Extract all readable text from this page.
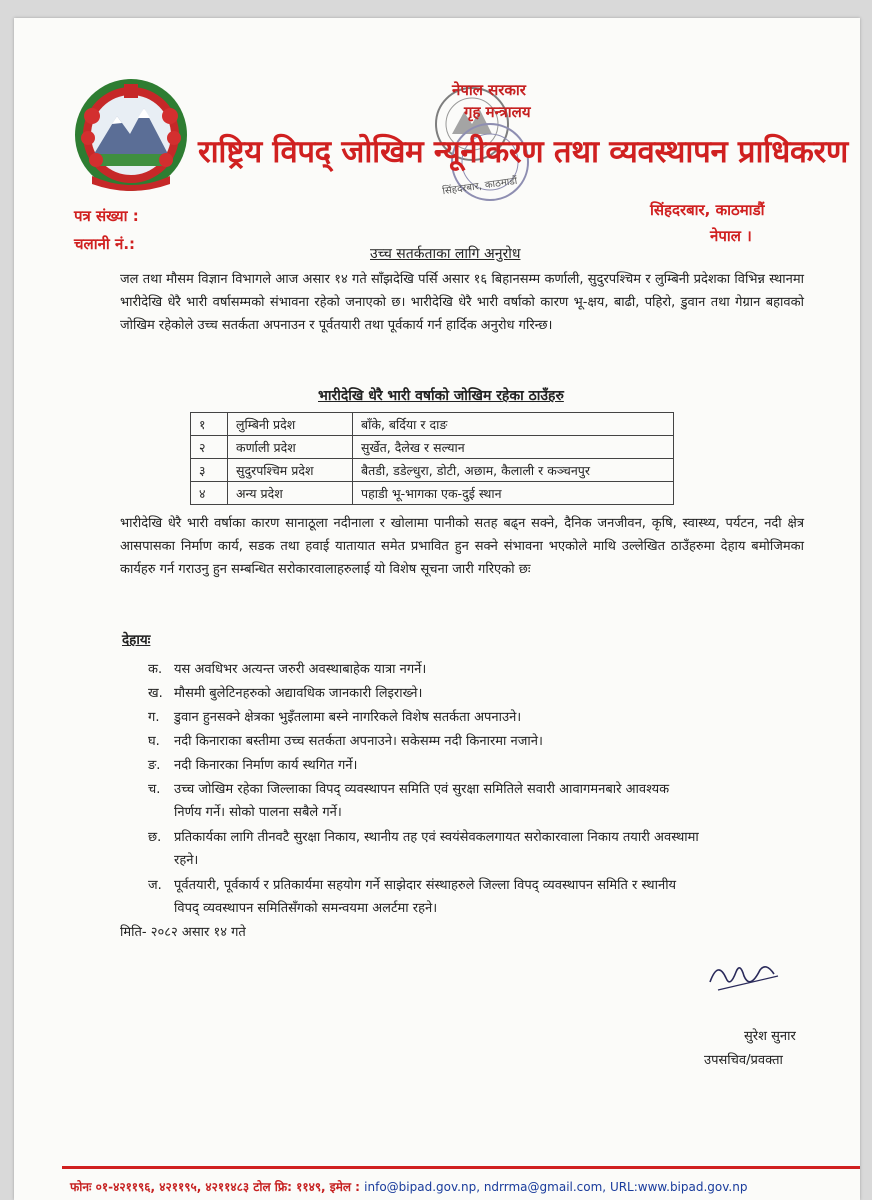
नेपाल सरकार
गृह मन्त्रालय
सिंहदरबार, काठमाडौं
राष्ट्रिय विपद् जोखिम न्यूनीकरण तथा व्यवस्थापन प्राधिकरण
पत्र संख्या :
चलानी नं.:
सिंहदरबार, काठमाडौं
नेपाल ।
उच्च सतर्कताका लागि अनुरोध
जल तथा मौसम विज्ञान विभागले आज असार १४ गते साँझदेखि पर्सि असार १६ बिहानसम्म कर्णाली, सुदुरपश्चिम र लुम्बिनी प्रदेशका विभिन्न स्थानमा भारीदेखि धेरै भारी वर्षासम्मको संभावना रहेको जनाएको छ। भारीदेखि धेरै भारी वर्षाको कारण भू-क्षय, बाढी, पहिरो, डुवान तथा गेग्रान बहावको जोखिम रहेकोले उच्च सतर्कता अपनाउन र पूर्वतयारी तथा पूर्वकार्य गर्न हार्दिक अनुरोध गरिन्छ।
भारीदेखि धेरै भारी वर्षाको जोखिम रहेका ठाउँहरु
१	लुम्बिनी प्रदेश	बाँके, बर्दिया र दाङ
२	कर्णाली प्रदेश	सुर्खेत, दैलेख र सल्यान
३	सुदुरपश्चिम प्रदेश	बैतडी, डडेल्धुरा, डोटी, अछाम, कैलाली र कञ्चनपुर
४	अन्य प्रदेश	पहाडी भू-भागका एक-दुई स्थान
भारीदेखि धेरै भारी वर्षाका कारण सानाठूला नदीनाला र खोलामा पानीको सतह बढ्न सक्ने, दैनिक जनजीवन, कृषि, स्वास्थ्य, पर्यटन, नदी क्षेत्र आसपासका निर्माण कार्य, सडक तथा हवाई यातायात समेत प्रभावित हुन सक्ने संभावना भएकोले माथि उल्लेखित ठाउँहरुमा देहाय बमोजिमका कार्यहरु गर्न गराउनु हुन सम्बन्धित सरोकारवालाहरुलाई यो विशेष सूचना जारी गरिएको छः
देहायः
क. यस अवधिभर अत्यन्त जरुरी अवस्थाबाहेक यात्रा नगर्ने।
ख. मौसमी बुलेटिनहरुको अद्यावधिक जानकारी लिइराख्ने।
ग. डुवान हुनसक्ने क्षेत्रका भुइँतलामा बस्ने नागरिकले विशेष सतर्कता अपनाउने।
घ. नदी किनाराका बस्तीमा उच्च सतर्कता अपनाउने। सकेसम्म नदी किनारमा नजाने।
ङ. नदी किनारका निर्माण कार्य स्थगित गर्ने।
च. उच्च जोखिम रहेका जिल्लाका विपद् व्यवस्थापन समिति एवं सुरक्षा समितिले सवारी आवागमनबारे आवश्यक
निर्णय गर्ने। सोको पालना सबैले गर्ने।
छ. प्रतिकार्यका लागि तीनवटै सुरक्षा निकाय, स्थानीय तह एवं स्वयंसेवकलगायत सरोकारवाला निकाय तयारी अवस्थामा
रहने।
ज. पूर्वतयारी, पूर्वकार्य र प्रतिकार्यमा सहयोग गर्ने साझेदार संस्थाहरुले जिल्ला विपद् व्यवस्थापन समिति र स्थानीय
विपद् व्यवस्थापन समितिसँगको समन्वयमा अलर्टमा रहने।
मिति- २०८२ असार १४ गते
सुरेश सुनार
उपसचिव/प्रवक्ता
फोनः ०१-४२११९६, ४२११९५, ४२११४८३ टोल फ्रि: ११४९, इमेल : info@bipad.gov.np, ndrrma@gmail.com, URL:www.bipad.gov.np
